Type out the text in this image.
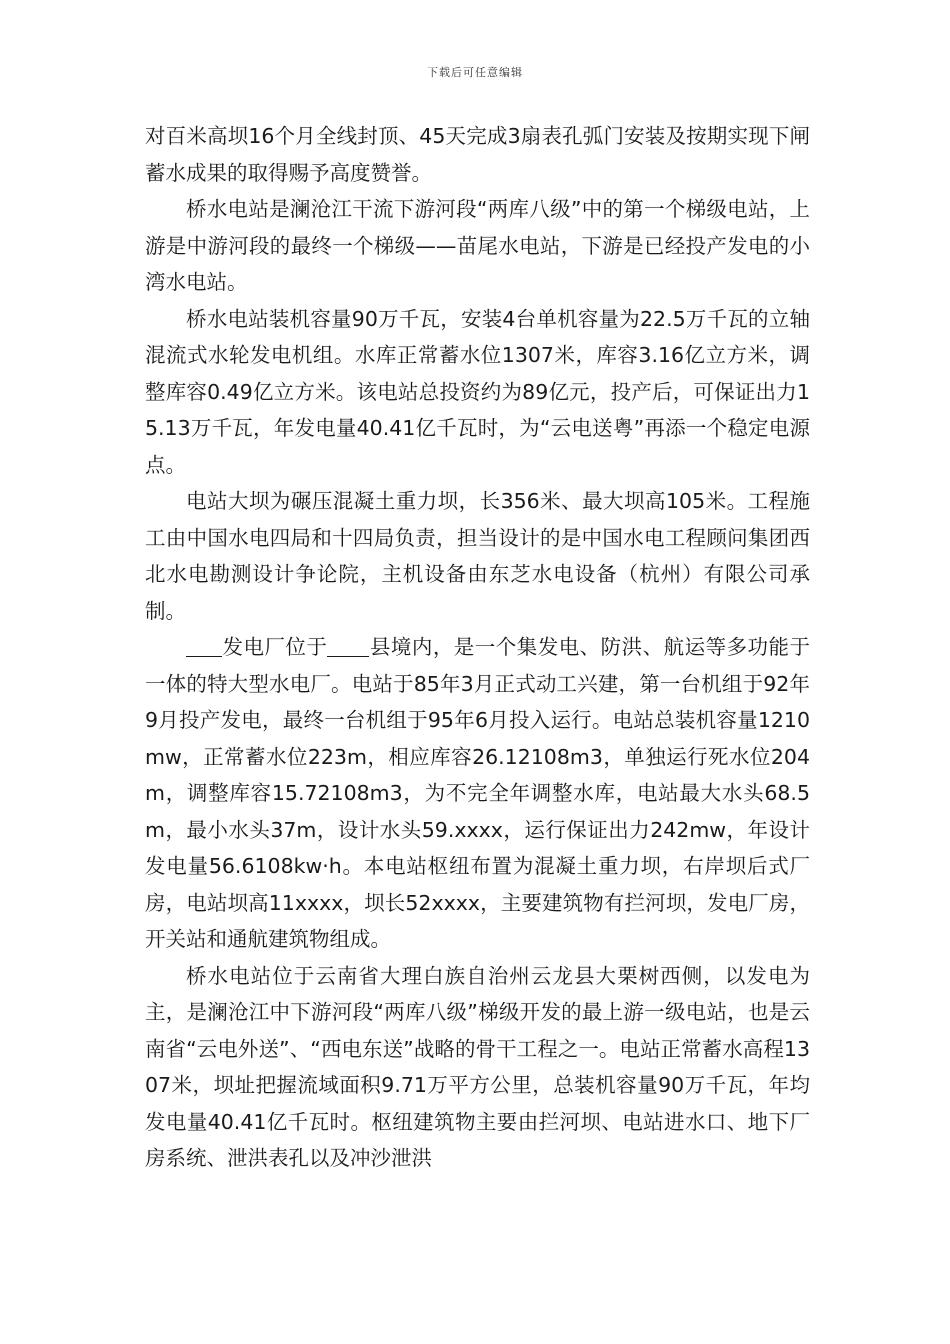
下载后可任意编辑

对百米高坝16个月全线封顶、45天完成3扇表孔弧门安装及按期实现下闸蓄水成果的取得赐予高度赞誉。

桥水电站是澜沧江干流下游河段“两库八级”中的第一个梯级电站，上游是中游河段的最终一个梯级——苗尾水电站，下游是已经投产发电的小湾水电站。

桥水电站装机容量90万千瓦，安装4台单机容量为22.5万千瓦的立轴混流式水轮发电机组。水库正常蓄水位1307米，库容3.16亿立方米，调整库容0.49亿立方米。该电站总投资约为89亿元，投产后，可保证出力15.13万千瓦，年发电量40.41亿千瓦时，为“云电送粤”再添一个稳定电源点。

电站大坝为碾压混凝土重力坝，长356米、最大坝高105米。工程施工由中国水电四局和十四局负责，担当设计的是中国水电工程顾问集团西北水电勘测设计争论院，主机设备由东芝水电设备（杭州）有限公司承制。

发电厂位于 县境内，是一个集发电、防洪、航运等多功能于一体的特大型水电厂。电站于85年3月正式动工兴建，第一台机组于92年9月投产发电，最终一台机组于95年6月投入运行。电站总装机容量1210mw，正常蓄水位223m，相应库容26.12108m3，单独运行死水位204m，调整库容15.72108m3，为不完全年调整水库，电站最大水头68.5m，最小水头37m，设计水头59.xxxx，运行保证出力242mw，年设计发电量56.6108kw·h。本电站枢纽布置为混凝土重力坝，右岸坝后式厂房，电站坝高11xxxx，坝长52xxxx，主要建筑物有拦河坝，发电厂房，开关站和通航建筑物组成。

桥水电站位于云南省大理白族自治州云龙县大栗树西侧，以发电为主，是澜沧江中下游河段“两库八级”梯级开发的最上游一级电站，也是云南省“云电外送”、“西电东送”战略的骨干工程之一。电站正常蓄水高程1307米，坝址把握流域面积9.71万平方公里，总装机容量90万千瓦，年均发电量40.41亿千瓦时。枢纽建筑物主要由拦河坝、电站进水口、地下厂房系统、泄洪表孔以及冲沙泄洪
